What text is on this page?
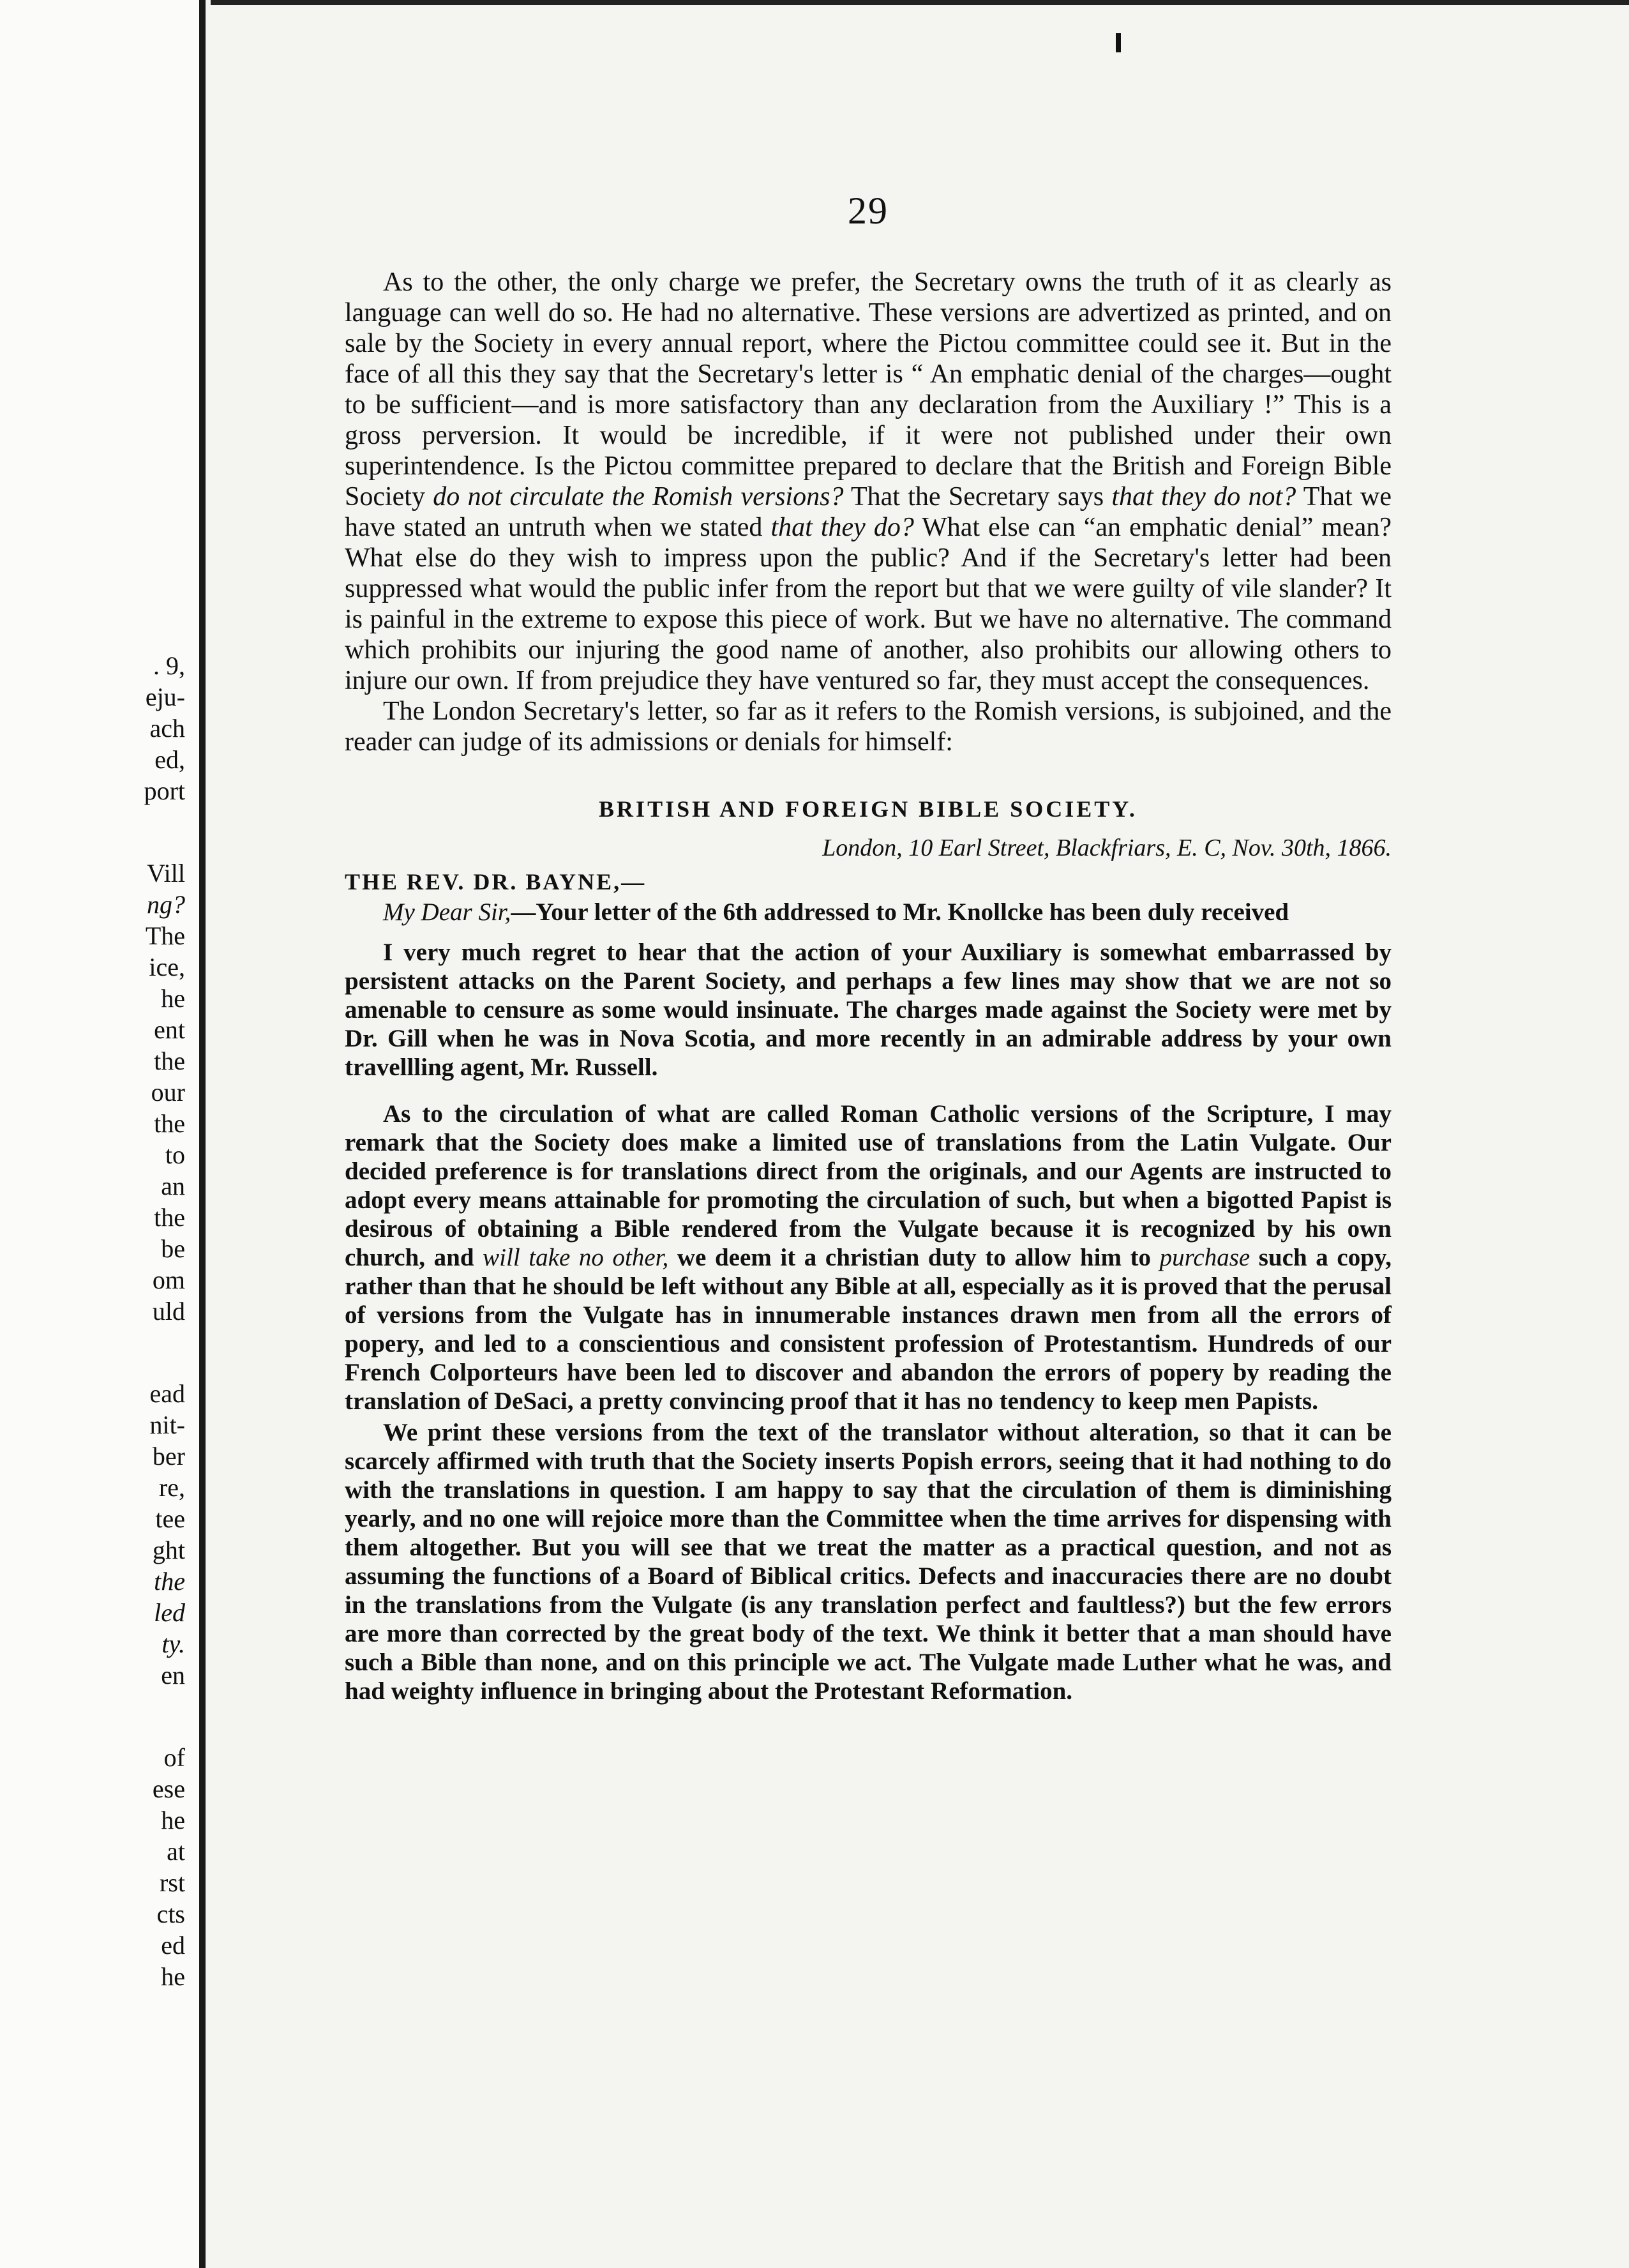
. 9,
eju-
ach
ed,
port
Vill
ng?
The
ice,
he
ent
the
our
the
to
an
the
be
om
uld
ead
nit-
ber
re,
tee
ght
the
led
ty.
en
of
ese
he
at
rst
cts
ed
he
29

As to the other, the only charge we prefer, the Secretary owns the truth of it as clearly as language can well do so. He had no alternative. These versions are advertized as printed, and on sale by the Society in every annual report, where the Pictou committee could see it. But in the face of all this they say that the Secretary's letter is “ An emphatic denial of the charges—ought to be sufficient—and is more satisfactory than any declaration from the Auxiliary !” This is a gross perversion. It would be incredible, if it were not published under their own superintendence. Is the Pictou committee prepared to declare that the British and Foreign Bible Society do not circulate the Romish versions? That the Secretary says that they do not? That we have stated an untruth when we stated that they do? What else can “an emphatic denial” mean? What else do they wish to impress upon the public? And if the Secretary's letter had been suppressed what would the public infer from the report but that we were guilty of vile slander? It is painful in the extreme to expose this piece of work. But we have no alternative. The command which prohibits our injuring the good name of another, also prohibits our allowing others to injure our own. If from prejudice they have ventured so far, they must accept the consequences.

The London Secretary's letter, so far as it refers to the Romish versions, is subjoined, and the reader can judge of its admissions or denials for himself:

BRITISH AND FOREIGN BIBLE SOCIETY.
London, 10 Earl Street, Blackfriars, E. C, Nov. 30th, 1866.
THE REV. DR. BAYNE,—

My Dear Sir,—Your letter of the 6th addressed to Mr. Knollcke has been duly received

I very much regret to hear that the action of your Auxiliary is somewhat embarrassed by persistent attacks on the Parent Society, and perhaps a few lines may show that we are not so amenable to censure as some would insinuate. The charges made against the Society were met by Dr. Gill when he was in Nova Scotia, and more recently in an admirable address by your own travellling agent, Mr. Russell.

As to the circulation of what are called Roman Catholic versions of the Scripture, I may remark that the Society does make a limited use of translations from the Latin Vulgate. Our decided preference is for translations direct from the originals, and our Agents are instructed to adopt every means attainable for promoting the circulation of such, but when a bigotted Papist is desirous of obtaining a Bible rendered from the Vulgate because it is recognized by his own church, and will take no other, we deem it a christian duty to allow him to purchase such a copy, rather than that he should be left without any Bible at all, especially as it is proved that the perusal of versions from the Vulgate has in innumerable instances drawn men from all the errors of popery, and led to a conscientious and consistent profession of Protestantism. Hundreds of our French Colporteurs have been led to discover and abandon the errors of popery by reading the translation of DeSaci, a pretty convincing proof that it has no tendency to keep men Papists.

We print these versions from the text of the translator without alteration, so that it can be scarcely affirmed with truth that the Society inserts Popish errors, seeing that it had nothing to do with the translations in question. I am happy to say that the circulation of them is diminishing yearly, and no one will rejoice more than the Committee when the time arrives for dispensing with them altogether. But you will see that we treat the matter as a practical question, and not as assuming the functions of a Board of Biblical critics. Defects and inaccuracies there are no doubt in the translations from the Vulgate (is any translation perfect and faultless?) but the few errors are more than corrected by the great body of the text. We think it better that a man should have such a Bible than none, and on this principle we act. The Vulgate made Luther what he was, and had weighty influence in bringing about the Protestant Reformation.
